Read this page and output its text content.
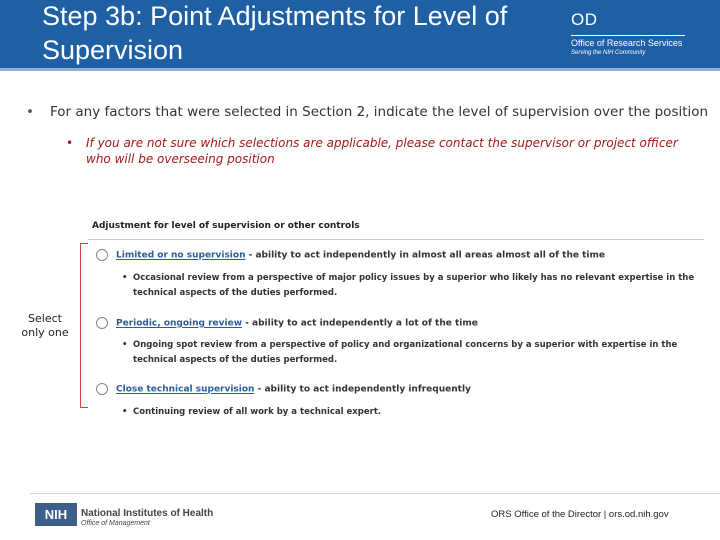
Step 3b: Point Adjustments for Level of Supervision
OD
Office of Research Services
Serving the NIH Community
• For any factors that were selected in Section 2, indicate the level of supervision over the position
• If you are not sure which selections are applicable, please contact the supervisor or project officer who will be overseeing position
Adjustment for level of supervision or other controls
Limited or no supervision - ability to act independently in almost all areas almost all of the time
• Occasional review from a perspective of major policy issues by a superior who likely has no relevant expertise in the technical aspects of the duties performed.
Periodic, ongoing review - ability to act independently a lot of the time
• Ongoing spot review from a perspective of policy and organizational concerns by a superior with expertise in the technical aspects of the duties performed.
Close technical supervision - ability to act independently infrequently
• Continuing review of all work by a technical expert.
Select only one
NIH	National Institutes of Health
Office of Management
ORS Office of the Director | ors.od.nih.gov
